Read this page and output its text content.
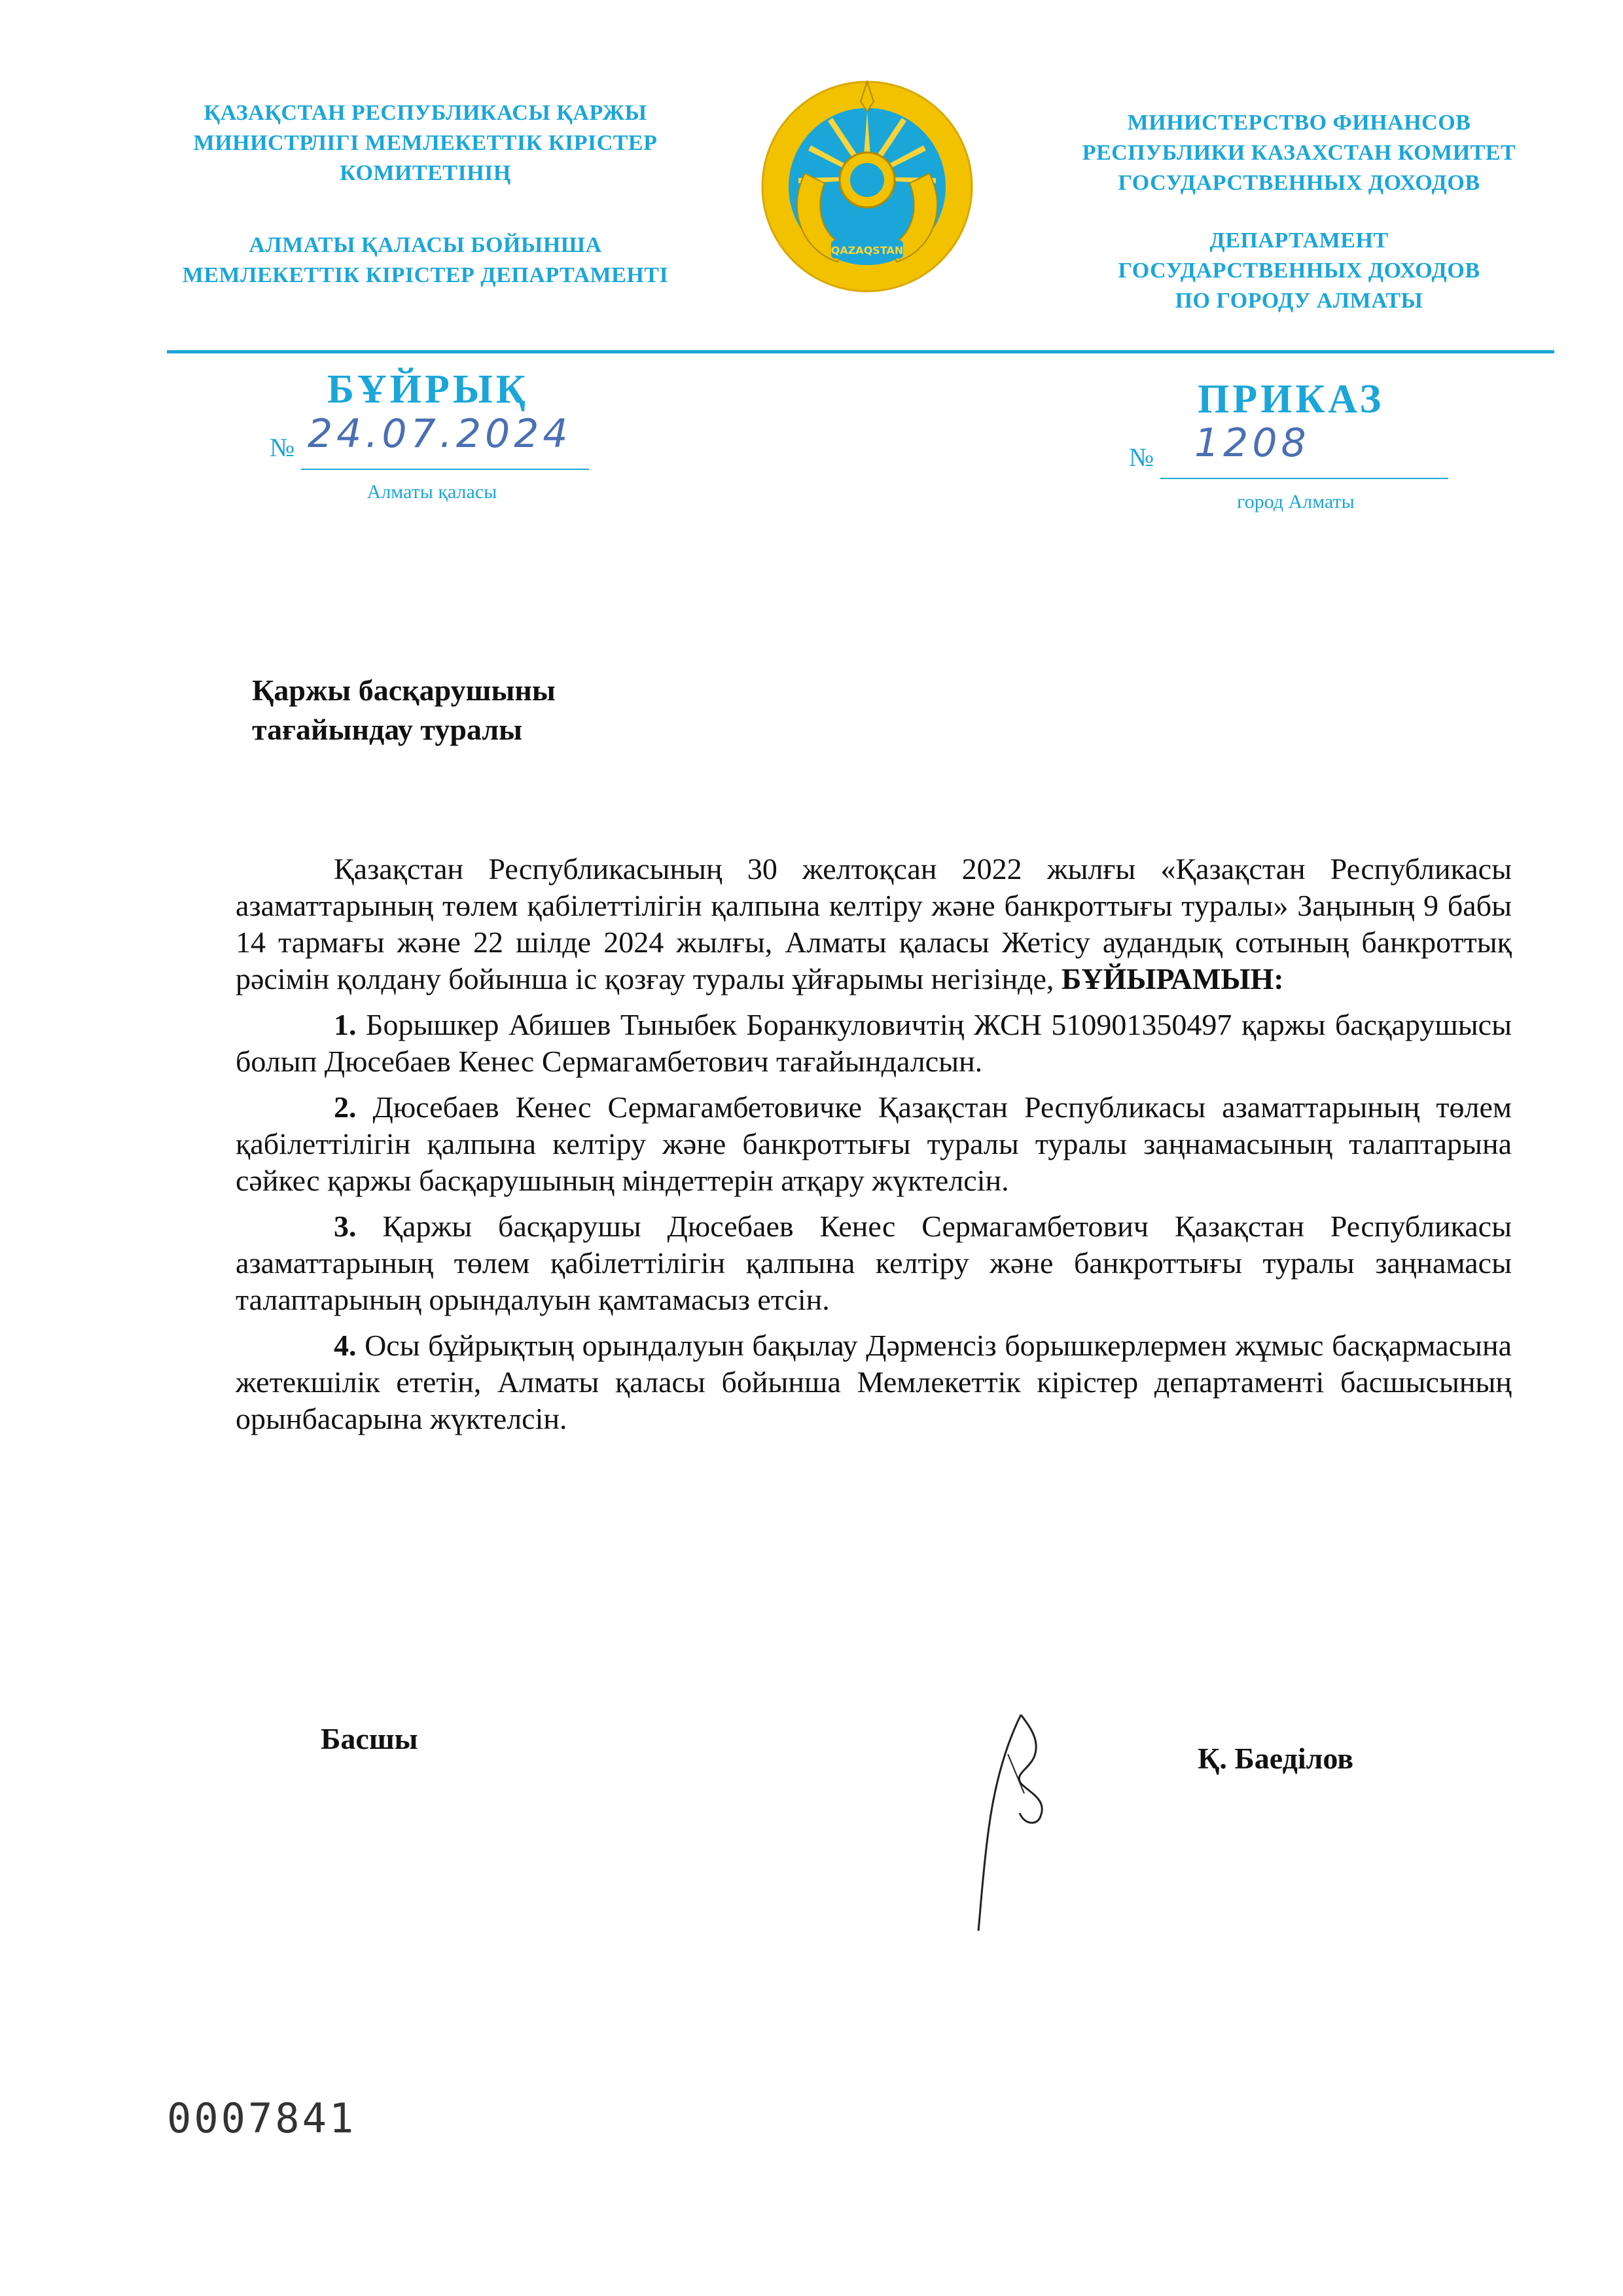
ҚАЗАҚСТАН РЕСПУБЛИКАСЫ ҚАРЖЫ

МИНИСТРЛІГІ МЕМЛЕКЕТТІК КІРІСТЕР

КОМИТЕТІНІҢ

АЛМАТЫ ҚАЛАСЫ БОЙЫНША

МЕМЛЕКЕТТІК КІРІСТЕР ДЕПАРТАМЕНТІ

QAZAQSTAN

МИНИСТЕРСТВО ФИНАНСОВ

РЕСПУБЛИКИ КАЗАХСТАН КОМИТЕТ

ГОСУДАРСТВЕННЫХ ДОХОДОВ

ДЕПАРТАМЕНТ

ГОСУДАРСТВЕННЫХ ДОХОДОВ

ПО ГОРОДУ АЛМАТЫ

БҰЙРЫҚ	ПРИКАЗ
№ 24.07.2024
Алматы қаласы
№ 1208
город Алматы

Қаржы басқарушыны

тағайындау туралы

Қазақстан Республикасының 30 желтоқсан 2022 жылғы «Қазақстан Республикасы азаматтарының төлем қабілеттілігін қалпына келтіру және банкроттығы туралы» Заңының 9 бабы 14 тармағы және 22 шілде 2024 жылғы, Алматы қаласы Жетісу аудандық сотының банкроттық рәсімін қолдану бойынша іс қозғау туралы ұйғарымы негізінде, БҰЙЫРАМЫН:

1. Борышкер Абишев Тыныбек Боранкуловичтің ЖСН 510901350497 қаржы басқарушысы болып Дюсебаев Кенес Сермагамбетович тағайындалсын.

2. Дюсебаев Кенес Сермагамбетовичке Қазақстан Республикасы азаматтарының төлем қабілеттілігін қалпына келтіру және банкроттығы туралы туралы заңнамасының талаптарына сәйкес қаржы басқарушының міндеттерін атқару жүктелсін.

3. Қаржы басқарушы Дюсебаев Кенес Сермагамбетович Қазақстан Республикасы азаматтарының төлем қабілеттілігін қалпына келтіру және банкроттығы туралы заңнамасы талаптарының орындалуын қамтамасыз етсін.

4. Осы бұйрықтың орындалуын бақылау Дәрменсіз борышкерлермен жұмыс басқармасына жетекшілік ететін, Алматы қаласы бойынша Мемлекеттік кірістер департаменті басшысының орынбасарына жүктелсін.

Басшы
Қ. Баеділов
0007841
